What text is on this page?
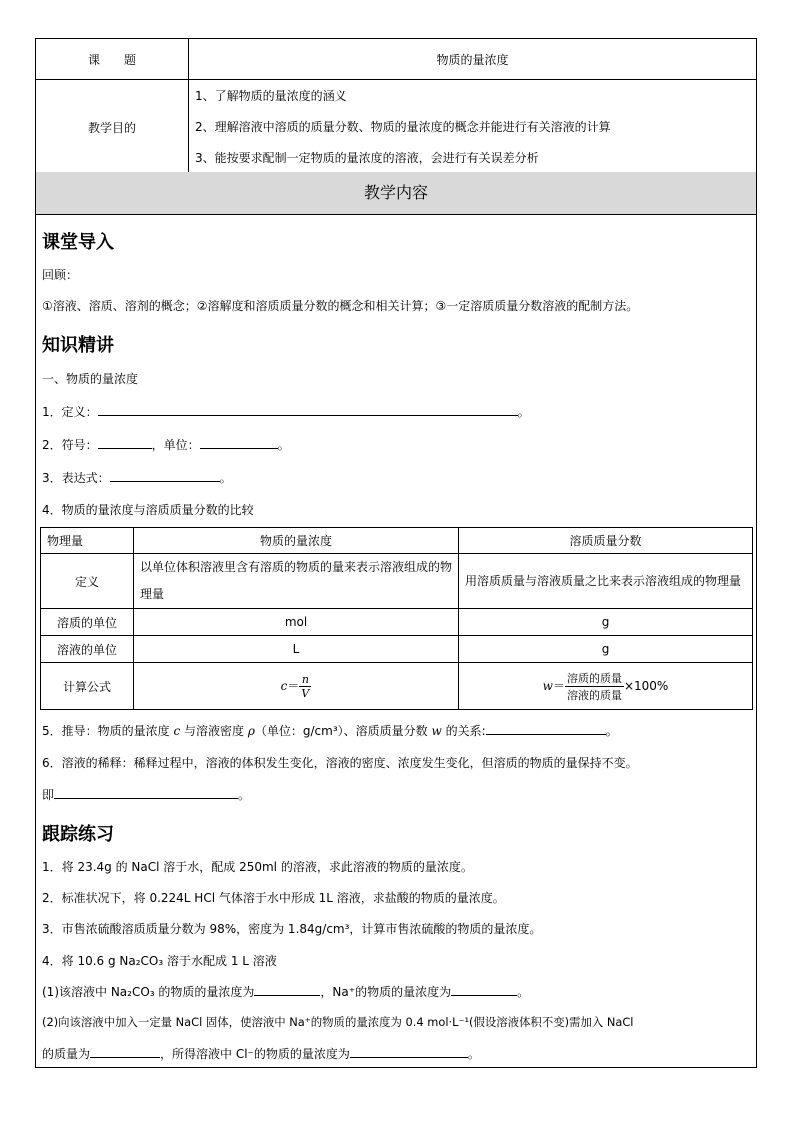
课　　题	物质的量浓度
教学目的	1、了解物质的量浓度的涵义
2、理解溶液中溶质的质量分数、物质的量浓度的概念并能进行有关溶液的计算
3、能按要求配制一定物质的量浓度的溶液，会进行有关误差分析
教学内容
课堂导入
回顾：
①溶液、溶质、溶剂的概念；②溶解度和溶质质量分数的概念和相关计算；③一定溶质质量分数溶液的配制方法。
知识精讲
一、物质的量浓度
1．定义：	。
2．符号：	，单位：	。
3．表达式：	。
4．物质的量浓度与溶质质量分数的比较
物理量	物质的量浓度	溶质质量分数
定义	以单位体积溶液里含有溶质的物质的量来表示溶液组成的物理量	用溶质质量与溶液质量之比来表示溶液组成的物理量
溶质的单位	mol	g
溶液的单位	L	g
计算公式	$c= \frac{n}{V}$	$w= \frac{\text{溶质的质量}}{\text{溶液的质量}} \times 100\%$
5．推导：物质的量浓度 c 与溶液密度 ρ（单位：g/cm³）、溶质质量分数 w 的关系:	。
6．溶液的稀释：稀释过程中，溶液的体积发生变化，溶液的密度、浓度发生变化，但溶质的物质的量保持不变。
即	。
跟踪练习
1．将 23.4g 的 NaCl 溶于水，配成 250ml 的溶液，求此溶液的物质的量浓度。
2．标准状况下，将 0.224L HCl 气体溶于水中形成 1L 溶液，求盐酸的物质的量浓度。
3．市售浓硫酸溶质质量分数为 98%，密度为 1.84g/cm³，计算市售浓硫酸的物质的量浓度。
4．将 10.6 g Na₂CO₃ 溶于水配成 1 L 溶液
(1)该溶液中 Na₂CO₃ 的物质的量浓度为	，Na⁺的物质的量浓度为	。
(2)向该溶液中加入一定量 NaCl 固体，使溶液中 Na⁺的物质的量浓度为 0.4 mol·L⁻¹(假设溶液体积不变)需加入 NaCl
的质量为	，所得溶液中 Cl⁻的物质的量浓度为	。
